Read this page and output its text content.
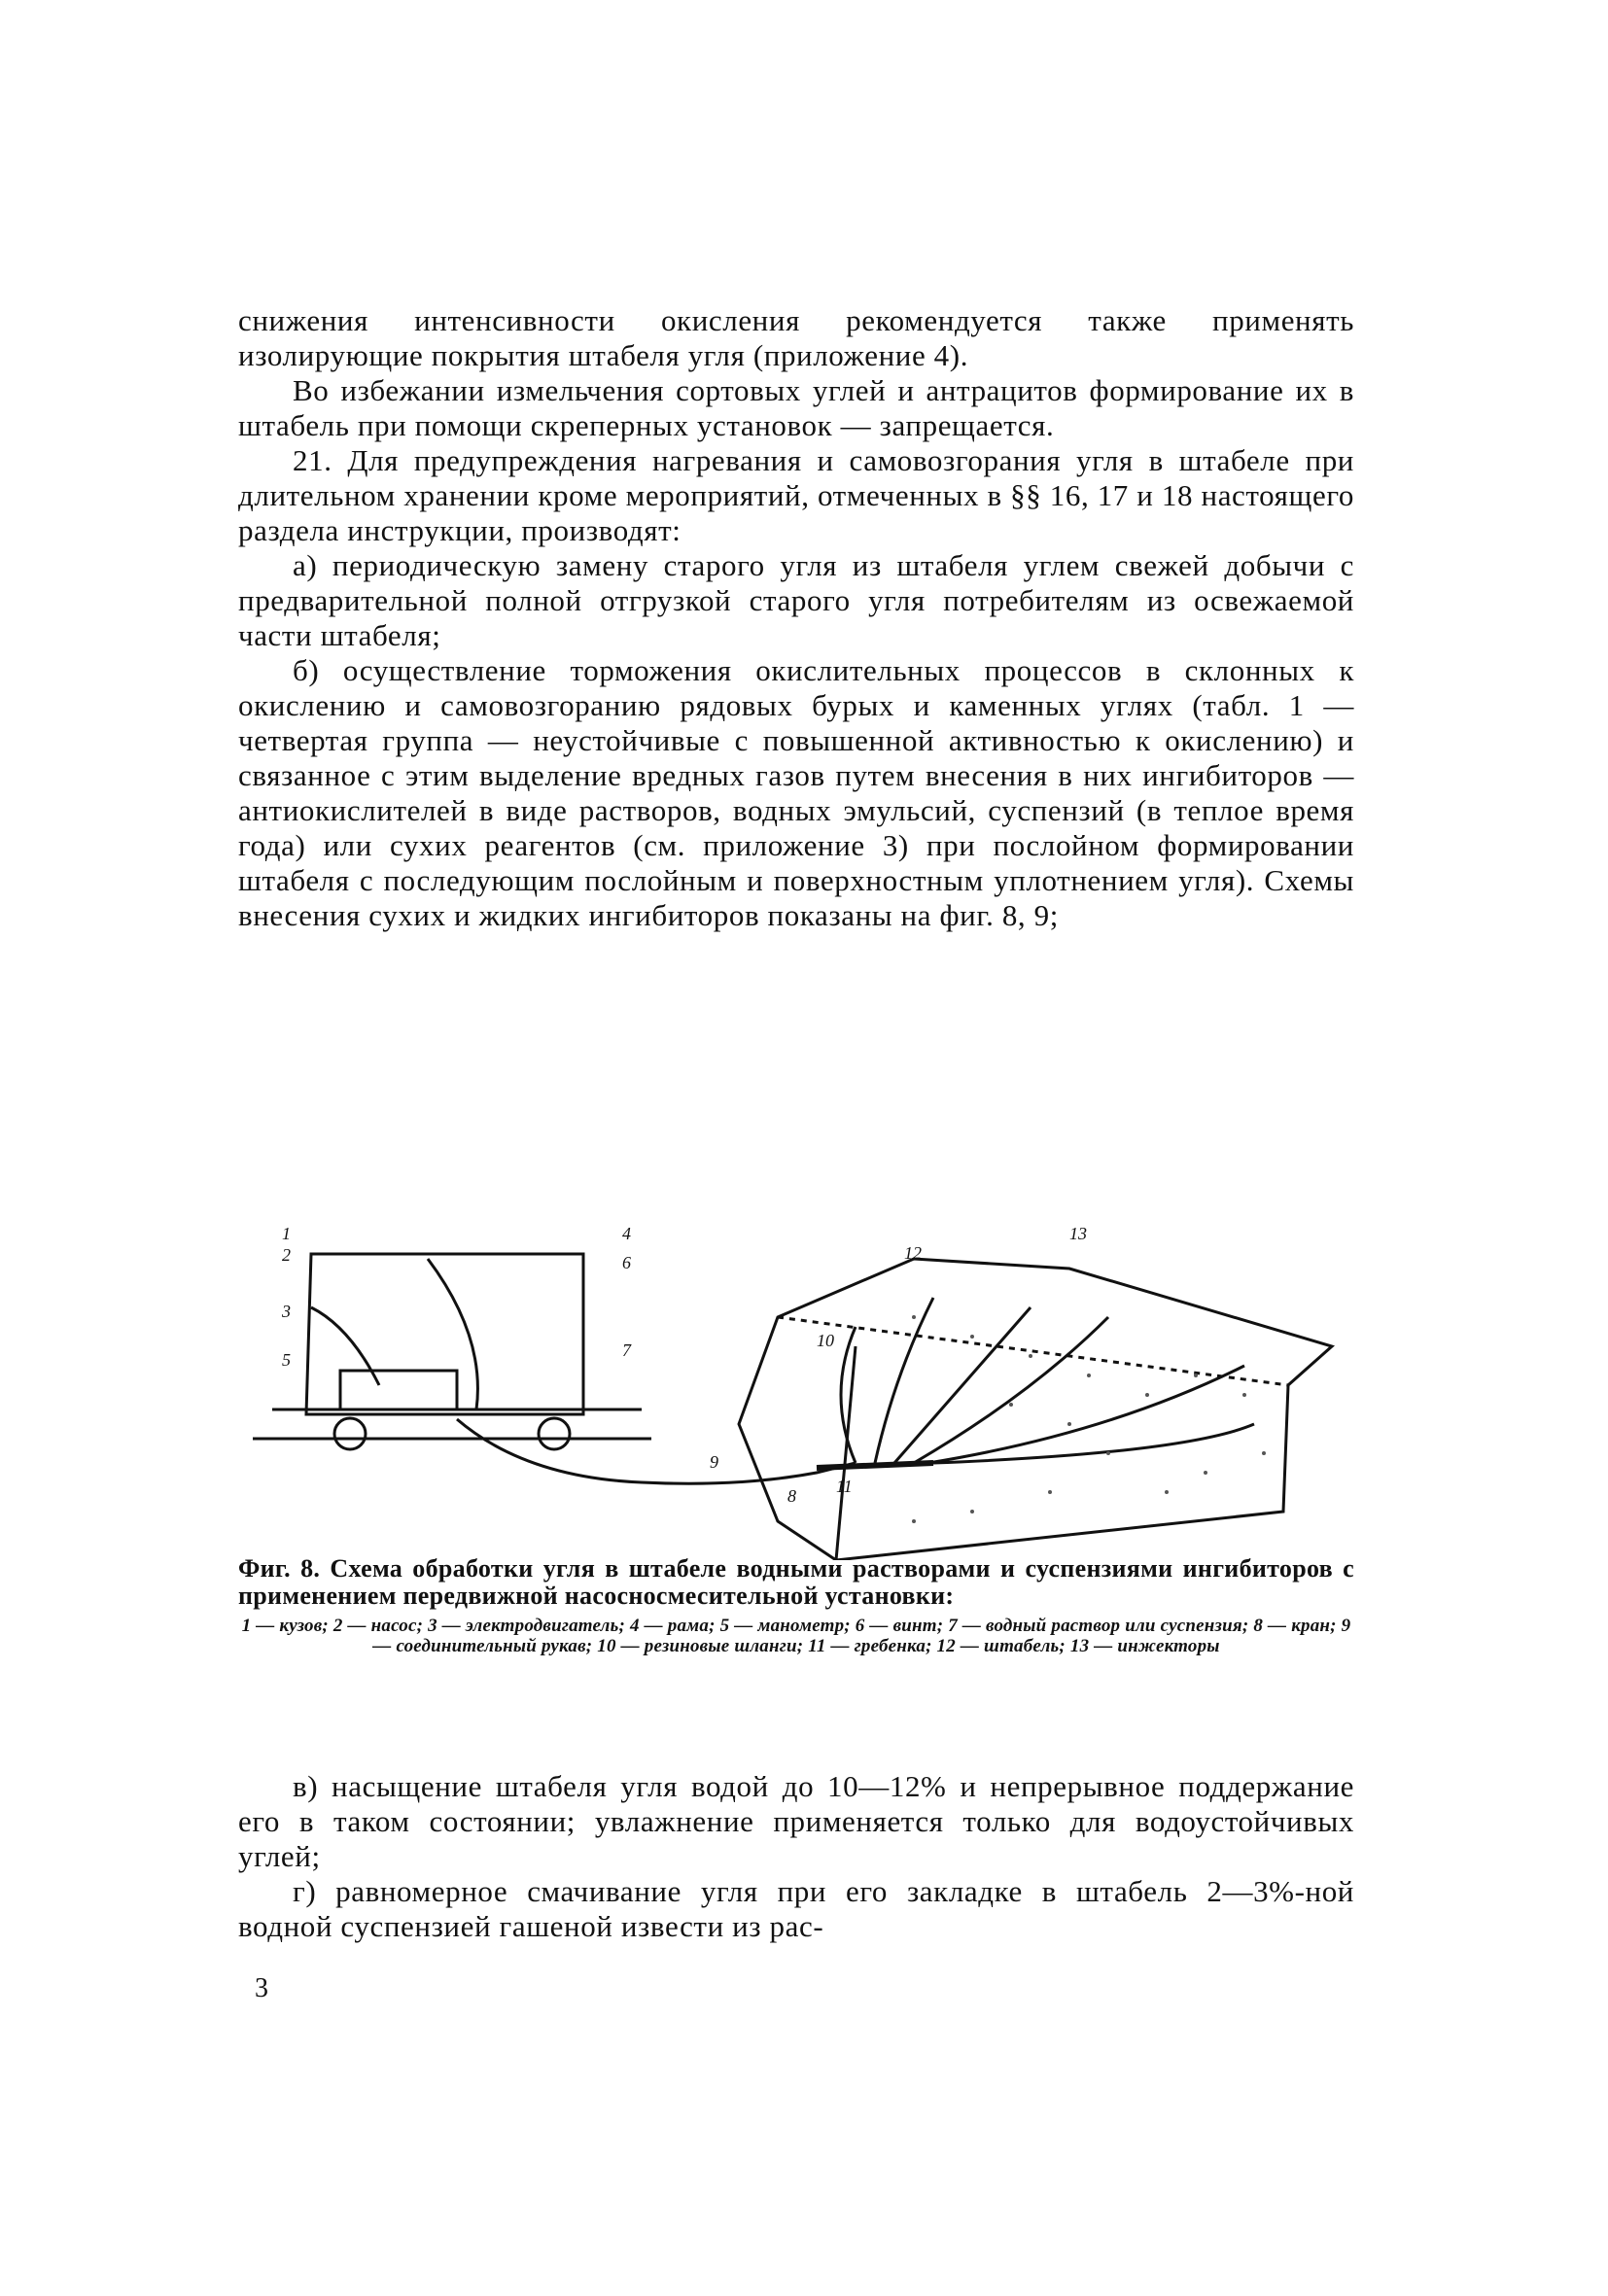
снижения интенсивности окисления рекомендуется также применять изолирующие покрытия штабеля угля (приложение 4).

Во избежании измельчения сортовых углей и антрацитов формирование их в штабель при помощи скреперных установок — запрещается.

21. Для предупреждения нагревания и самовозгорания угля в штабеле при длительном хранении кроме мероприятий, отмеченных в §§ 16, 17 и 18 настоящего раздела инструкции, производят:

а) периодическую замену старого угля из штабеля углем свежей добычи с предварительной полной отгрузкой старого угля потребителям из освежаемой части штабеля;

б) осуществление торможения окислительных процессов в склонных к окислению и самовозгоранию рядовых бурых и каменных углях (табл. 1 — четвертая группа — неустойчивые с повышенной активностью к окислению) и связанное с этим выделение вредных газов путем внесения в них ингибиторов — антиокислителей в виде растворов, водных эмульсий, суспензий (в теплое время года) или сухих реагентов (см. приложение 3) при послойном формировании штабеля с последующим послойным и поверхностным уплотнением угля). Схемы внесения сухих и жидких ингибиторов показаны на фиг. 8, 9;

1
2
3
5
4
6
7
8
9
10
12
13
11
Фиг. 8. Схема обработки угля в штабеле водными растворами и суспензиями ингибиторов с применением передвижной насосносмесительной установки:
1 — кузов; 2 — насос; 3 — электродвигатель; 4 — рама; 5 — манометр; 6 — винт; 7 — водный раствор или суспензия; 8 — кран; 9 — соединительный рукав; 10 — резиновые шланги; 11 — гребенка; 12 — штабель; 13 — инжекторы

в) насыщение штабеля угля водой до 10—12% и непрерывное поддержание его в таком состоянии; увлажнение применяется только для водоустойчивых углей;

г) равномерное смачивание угля при его закладке в штабель 2—3%-ной водной суспензией гашеной извести из рас-

3
